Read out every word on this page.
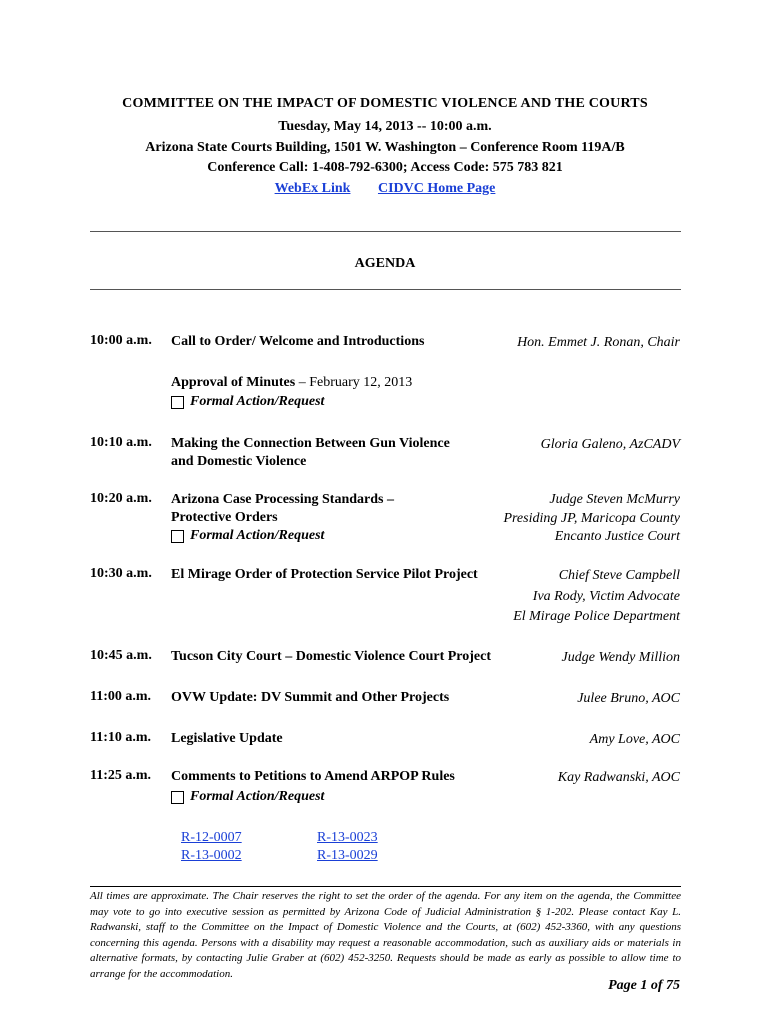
COMMITTEE ON THE IMPACT OF DOMESTIC VIOLENCE AND THE COURTS
Tuesday, May 14, 2013 -- 10:00 a.m.
Arizona State Courts Building, 1501 W. Washington – Conference Room 119A/B
Conference Call: 1-408-792-6300; Access Code: 575 783 821
WebEx Link CIDVC Home Page
AGENDA
10:00 a.m. Call to Order/ Welcome and Introductions	Hon. Emmet J. Ronan, Chair
Approval of Minutes – February 12, 2013
Formal Action/Request
10:10 a.m. Making the Connection Between Gun Violence
and Domestic Violence
Gloria Galeno, AzCADV
10:20 a.m. Arizona Case Processing Standards –
Protective Orders
Formal Action/Request
Judge Steven McMurry
Presiding JP, Maricopa County
Encanto Justice Court
10:30 a.m. El Mirage Order of Protection Service Pilot Project	Chief Steve Campbell
Iva Rody, Victim Advocate
El Mirage Police Department
10:45 a.m. Tucson City Court – Domestic Violence Court Project	Judge Wendy Million
11:00 a.m. OVW Update: DV Summit and Other Projects	Julee Bruno, AOC
11:10 a.m. Legislative Update	Amy Love, AOC
11:25 a.m. Comments to Petitions to Amend ARPOP Rules
Formal Action/Request
Kay Radwanski, AOC
R-12-0007	R-13-0023
R-13-0002	R-13-0029
All times are approximate. The Chair reserves the right to set the order of the agenda. For any item on the agenda, the Committee may vote to go into executive session as permitted by Arizona Code of Judicial Administration § 1-202. Please contact Kay L. Radwanski, staff to the Committee on the Impact of Domestic Violence and the Courts, at (602) 452-3360, with any questions concerning this agenda. Persons with a disability may request a reasonable accommodation, such as auxiliary aids or materials in alternative formats, by contacting Julie Graber at (602) 452-3250. Requests should be made as early as possible to allow time to arrange for the accommodation.
Page 1 of 75
